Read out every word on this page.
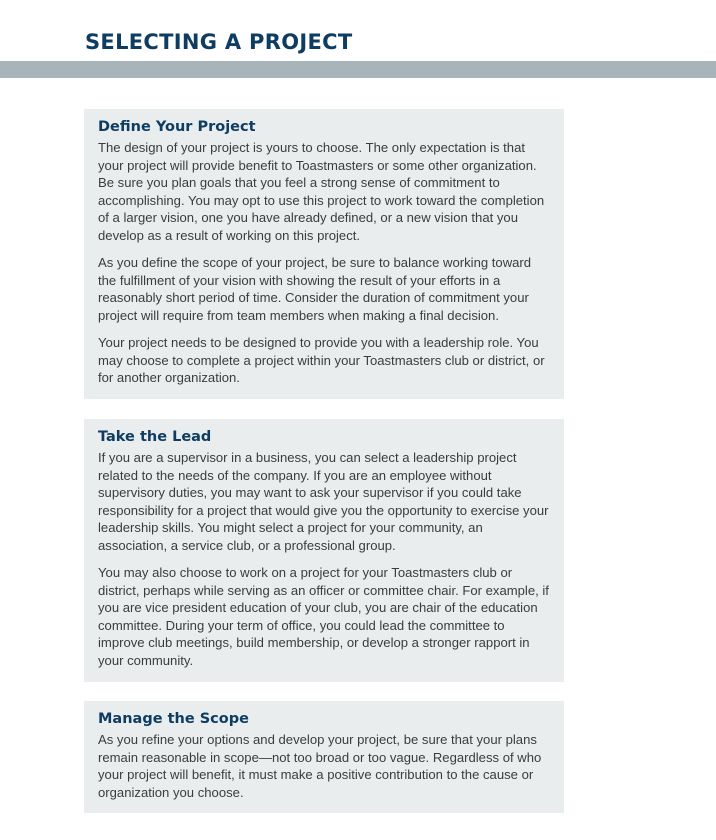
SELECTING A PROJECT
Define Your Project

The design of your project is yours to choose. The only expectation is that your project will provide benefit to Toastmasters or some other organization. Be sure you plan goals that you feel a strong sense of commitment to accomplishing. You may opt to use this project to work toward the completion of a larger vision, one you have already defined, or a new vision that you develop as a result of working on this project.

As you define the scope of your project, be sure to balance working toward the fulfillment of your vision with showing the result of your efforts in a reasonably short period of time. Consider the duration of commitment your project will require from team members when making a final decision.

Your project needs to be designed to provide you with a leadership role. You may choose to complete a project within your Toastmasters club or district, or for another organization.

Take the Lead

If you are a supervisor in a business, you can select a leadership project related to the needs of the company. If you are an employee without supervisory duties, you may want to ask your supervisor if you could take responsibility for a project that would give you the opportunity to exercise your leadership skills. You might select a project for your community, an association, a service club, or a professional group.

You may also choose to work on a project for your Toastmasters club or district, perhaps while serving as an officer or committee chair. For example, if you are vice president education of your club, you are chair of the education committee. During your term of office, you could lead the committee to improve club meetings, build membership, or develop a stronger rapport in your community.

Manage the Scope

As you refine your options and develop your project, be sure that your plans remain reasonable in scope—not too broad or too vague. Regardless of who your project will benefit, it must make a positive contribution to the cause or organization you choose.
